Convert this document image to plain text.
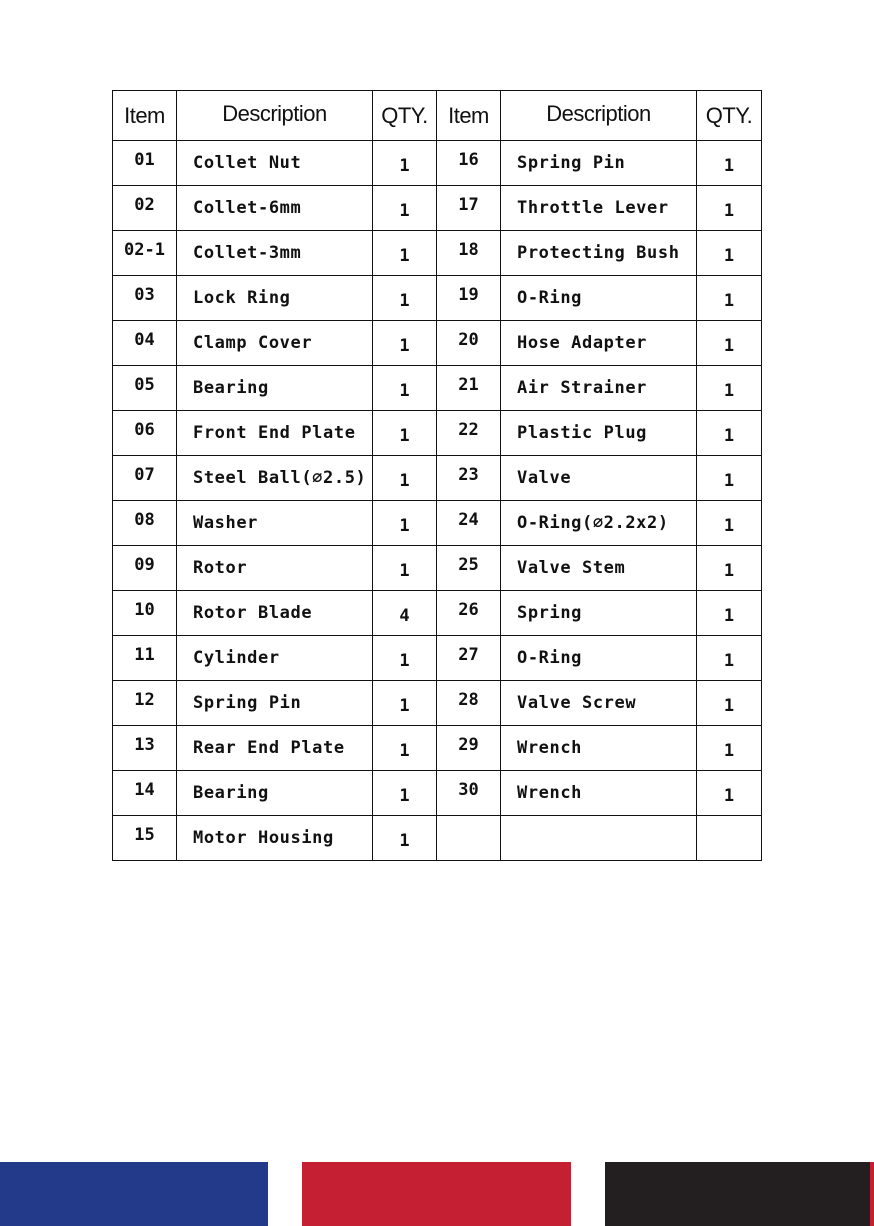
Item	Description	QTY.	Item	Description	QTY.
01	Collet Nut	1	16	Spring Pin	1
02	Collet-6mm	1	17	Throttle Lever	1
02-1	Collet-3mm	1	18	Protecting Bush	1
03	Lock Ring	1	19	O-Ring	1
04	Clamp Cover	1	20	Hose Adapter	1
05	Bearing	1	21	Air Strainer	1
06	Front End Plate	1	22	Plastic Plug	1
07	Steel Ball(⌀2.5)	1	23	Valve	1
08	Washer	1	24	O-Ring(⌀2.2x2)	1
09	Rotor	1	25	Valve Stem	1
10	Rotor Blade	4	26	Spring	1
11	Cylinder	1	27	O-Ring	1
12	Spring Pin	1	28	Valve Screw	1
13	Rear End Plate	1	29	Wrench	1
14	Bearing	1	30	Wrench	1
15	Motor Housing	1			
